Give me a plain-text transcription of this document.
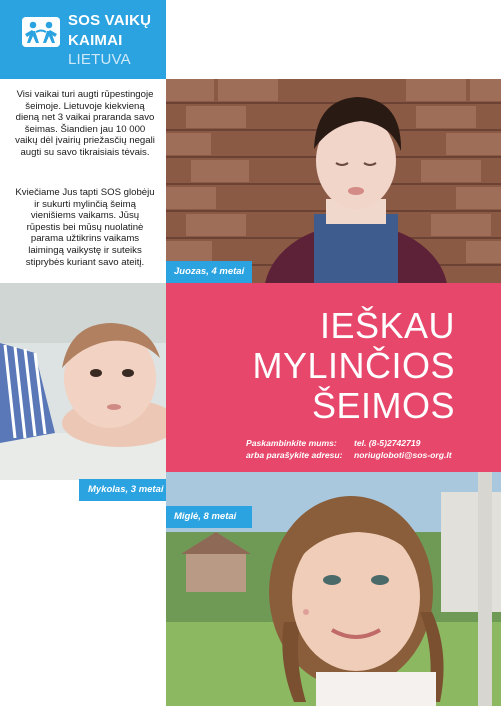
SOS VAIKŲ
KAIMAI
LIETUVA
Visi vaikai turi augti rūpestingoje šeimoje. Lietuvoje kiekvieną dieną net 3 vaikai praranda savo šeimas. Šiandien jau 10 000 vaikų dėl įvairių priežasčių negali augti su savo tikraisiais tėvais.
Kviečiame Jus tapti SOS globėju ir sukurti mylinčią šeimą vienišiems vaikams. Jūsų rūpestis bei mūsų nuolatinė parama užtikrins vaikams laimingą vaikystę ir suteiks stiprybės kuriant savo ateitį.
IEŠKAU
MYLINČIOS
ŠEIMOS
Paskambinkite mums: tel. (8-5)2742719
arba parašykite adresu: noriuglobotі@sos-org.lt
Juozas, 4 metai
Mykolas, 3 metai
Miglė, 8 metai
